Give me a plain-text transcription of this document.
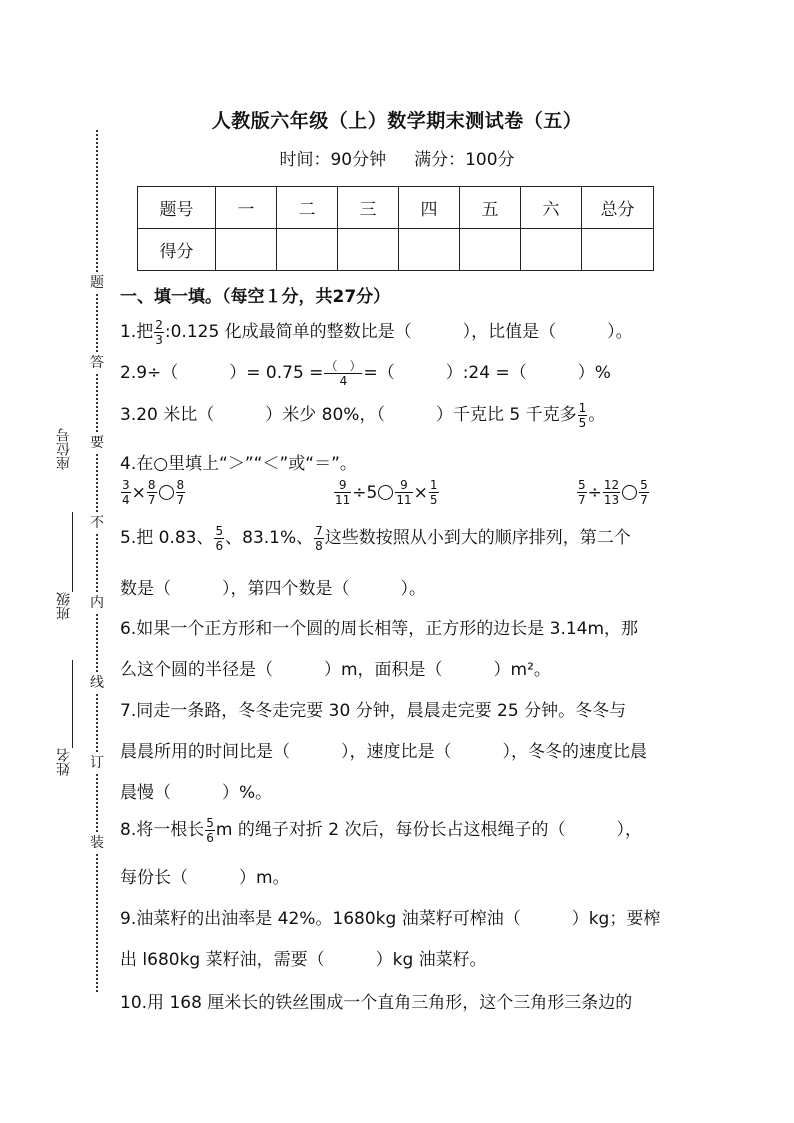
人教版六年级（上）数学期末测试卷（五）
时间：90分钟 满分：100分
题号	一	二	三	四	五	六	总分
得分							
题
答
要
不
内
线
订
装
座位号
班级
姓名
一、填一填。（每空１分，共27分）
1.把 $\frac{2}{3}$ :0.125 化成最简单的整数比是（　　　），比值是（　　　）。
2.9÷（　　　）= 0.75 = （　）
4 =（　　　）:24 =（　　　）%
3.20 米比（　　　）米少 80%，（　　　）千克比 5 千克多 $\frac{1}{5}$ 。
4.在○里填上“＞”“＜”或“＝”。
$\frac{3}{4} \times \frac{8}{7} \frac{8}{7}$	$\frac{9}{11} \div 5 \frac{9}{11} \times \frac{1}{5}$	$\frac{5}{7} \div \frac{12}{13} \frac{5}{7}$
5.把 0.83、 $\frac{5}{6}$ 、83.1%、 $\frac{7}{8}$ 这些数按照从小到大的顺序排列，第二个
数是（　　　），第四个数是（　　　）。
6.如果一个正方形和一个圆的周长相等，正方形的边长是 3.14m，那
么这个圆的半径是（　　　）m，面积是（　　　）m²。
7.同走一条路，冬冬走完要 30 分钟，晨晨走完要 25 分钟。冬冬与
晨晨所用的时间比是（　　　），速度比是（　　　），冬冬的速度比晨
晨慢（　　　）%。
8.将一根长 $\frac{5}{6}$ m 的绳子对折 2 次后，每份长占这根绳子的（　　　），
每份长（　　　）m。
9.油菜籽的出油率是 42%。1680kg 油菜籽可榨油（　　　）kg；要榨
出 l680kg 菜籽油，需要（　　　）kg 油菜籽。
10.用 168 厘米长的铁丝围成一个直角三角形，这个三角形三条边的
